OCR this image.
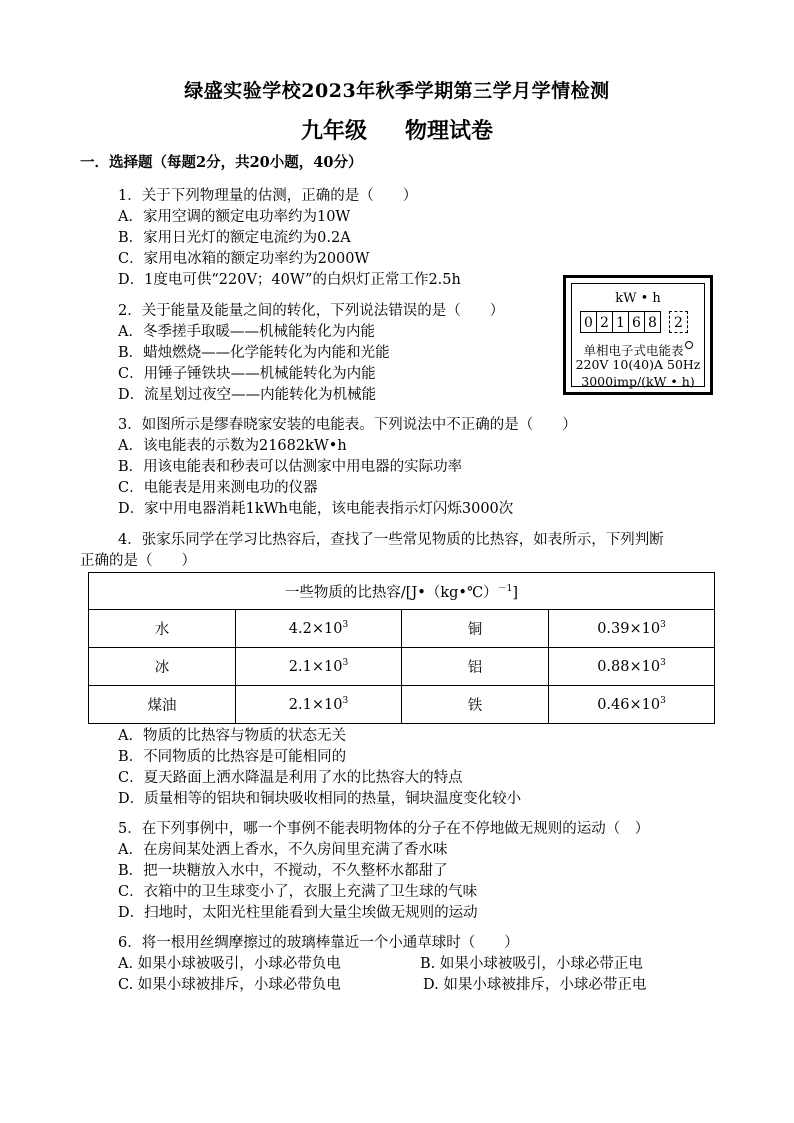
绿盛实验学校2023年秋季学期第三学月学情检测
九年级 物理试卷
一．选择题（每题2分，共20小题，40分）
1．关于下列物理量的估测，正确的是（　　）
A．家用空调的额定电功率约为10W
B．家用日光灯的额定电流约为0.2A
C．家用电冰箱的额定功率约为2000W
D．1度电可供“220V；40W”的白炽灯正常工作2.5h
2．关于能量及能量之间的转化，下列说法错误的是（　　）
A．冬季搓手取暖——机械能转化为内能
B．蜡烛燃烧——化学能转化为内能和光能
C．用锤子锤铁块——机械能转化为内能
D．流星划过夜空——内能转化为机械能
kW • h
0 2 1 6 8	2
单相电子式电能表
220V 10(40)A 50Hz
3000imp/(kW • h)
3．如图所示是缪春晓家安装的电能表。下列说法中不正确的是（　　）
A．该电能表的示数为21682kW•h
B．用该电能表和秒表可以估测家中用电器的实际功率
C．电能表是用来测电功的仪器
D．家中用电器消耗1kWh电能，该电能表指示灯闪烁3000次
4．张家乐同学在学习比热容后，查找了一些常见物质的比热容，如表所示，下列判断
正确的是（　　）
一些物质的比热容/[J•（kg•℃）$^{-1}$]			
水	$4.2\times 10^3$	铜	$0.39\times 10^3$
冰	$2.1\times 10^3$	铝	$0.88\times 10^3$
煤油	$2.1\times 10^3$	铁	$0.46\times 10^3$
A．物质的比热容与物质的状态无关
B．不同物质的比热容是可能相同的
C．夏天路面上洒水降温是利用了水的比热容大的特点
D．质量相等的铝块和铜块吸收相同的热量，铜块温度变化较小
5．在下列事例中，哪一个事例不能表明物体的分子在不停地做无规则的运动（　）
A．在房间某处洒上香水，不久房间里充满了香水味
B．把一块糖放入水中，不搅动，不久整杯水都甜了
C．衣箱中的卫生球变小了，衣服上充满了卫生球的气味
D．扫地时，太阳光柱里能看到大量尘埃做无规则的运动
6．将一根用丝绸摩擦过的玻璃棒靠近一个小通草球时（　　）
A. 如果小球被吸引，小球必带负电	B. 如果小球被吸引，小球必带正电
C. 如果小球被排斥，小球必带负电	D. 如果小球被排斥，小球必带正电
